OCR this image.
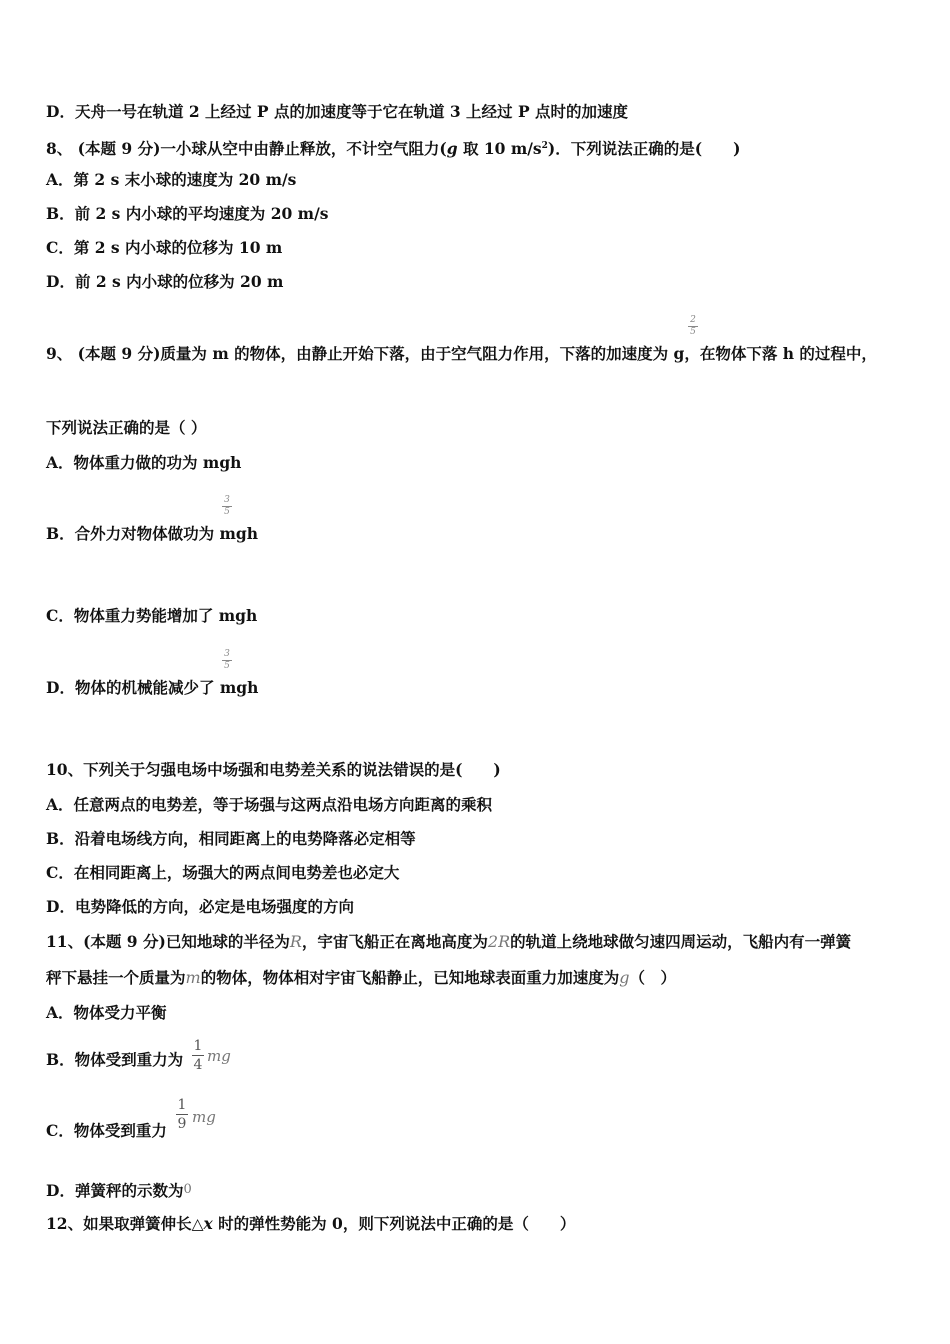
D．天舟一号在轨道 2 上经过 P 点的加速度等于它在轨道 3 上经过 P 点时的加速度
8、 (本题 9 分)一小球从空中由静止释放，不计空气阻力(g 取 10 $m/s^2$)．下列说法正确的是(　　)
A．第 2 s 末小球的速度为 20 m/s
B．前 2 s 内小球的平均速度为 20 m/s
C．第 2 s 内小球的位移为 10 m
D．前 2 s 内小球的位移为 20 m
2
5
9、 (本题 9 分)质量为 m 的物体，由静止开始下落，由于空气阻力作用，下落的加速度为 g，在物体下落 h 的过程中，
下列说法正确的是（ ）
A．物体重力做的功为 mgh
3
5
B．合外力对物体做功为 mgh
C．物体重力势能增加了 mgh
3
5
D．物体的机械能减少了 mgh
10、下列关于匀强电场中场强和电势差关系的说法错误的是(　　)
A．任意两点的电势差，等于场强与这两点沿电场方向距离的乘积
B．沿着电场线方向，相同距离上的电势降落必定相等
C．在相同距离上，场强大的两点间电势差也必定大
D．电势降低的方向，必定是电场强度的方向
11、(本题 9 分)已知地球的半径为R，宇宙飞船正在离地高度为2R的轨道上绕地球做匀速四周运动，飞船内有一弹簧
秤下悬挂一个质量为m的物体，物体相对宇宙飞船静止，已知地球表面重力加速度为g（　）
A．物体受力平衡
B．物体受到重力为
1
4 mg
C．物体受到重力
1
9 mg
D．弹簧秤的示数为0
12、如果取弹簧伸长△x 时的弹性势能为 0，则下列说法中正确的是（　　）
